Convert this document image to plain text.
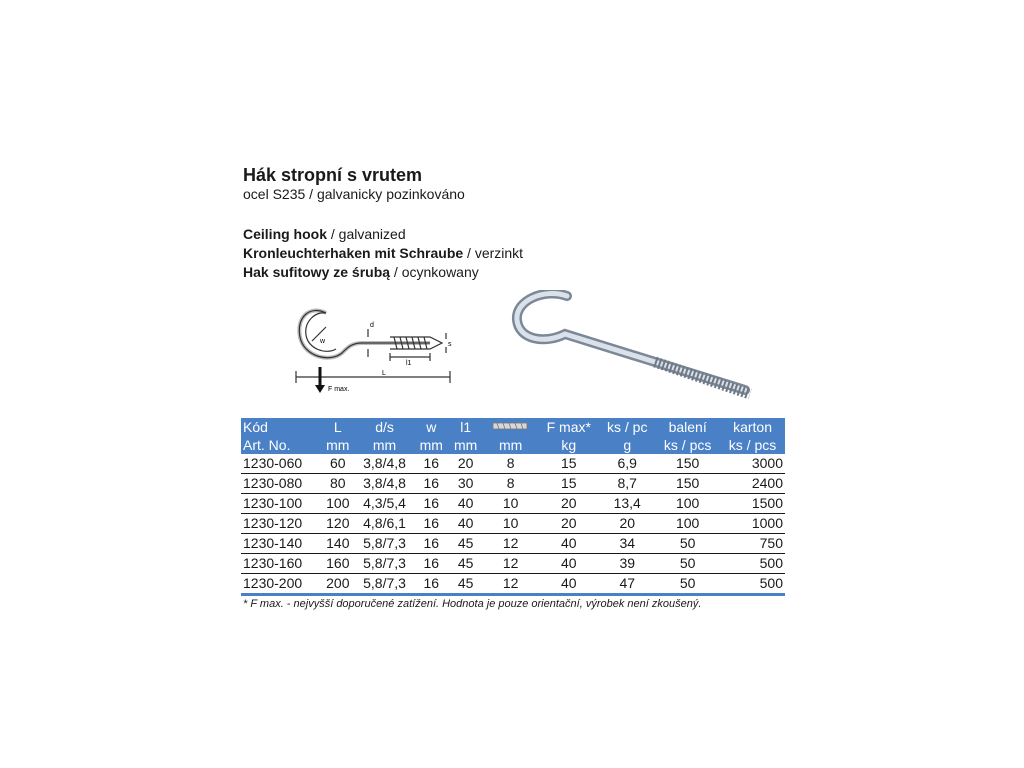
Hák stropní s vrutem
ocel S235 / galvanicky pozinkováno
Ceiling hook / galvanized
Kronleuchterhaken mit Schraube / verzinkt
Hak sufitowy ze śrubą / ocynkowany
w
d
s
l1
L
F max.
Kód	L	d/s	w	l1		F max*	ks / pc	balení	karton
Art. No.	mm	mm	mm	mm	mm	kg	g	ks / pcs	ks / pcs
1230-060	60	3,8/4,8	16	20	8	15	6,9	150	3000
1230-080	80	3,8/4,8	16	30	8	15	8,7	150	2400
1230-100	100	4,3/5,4	16	40	10	20	13,4	100	1500
1230-120	120	4,8/6,1	16	40	10	20	20	100	1000
1230-140	140	5,8/7,3	16	45	12	40	34	50	750
1230-160	160	5,8/7,3	16	45	12	40	39	50	500
1230-200	200	5,8/7,3	16	45	12	40	47	50	500
* F max. - nejvyšší doporučené zatížení. Hodnota je pouze orientační, výrobek není zkoušený.
